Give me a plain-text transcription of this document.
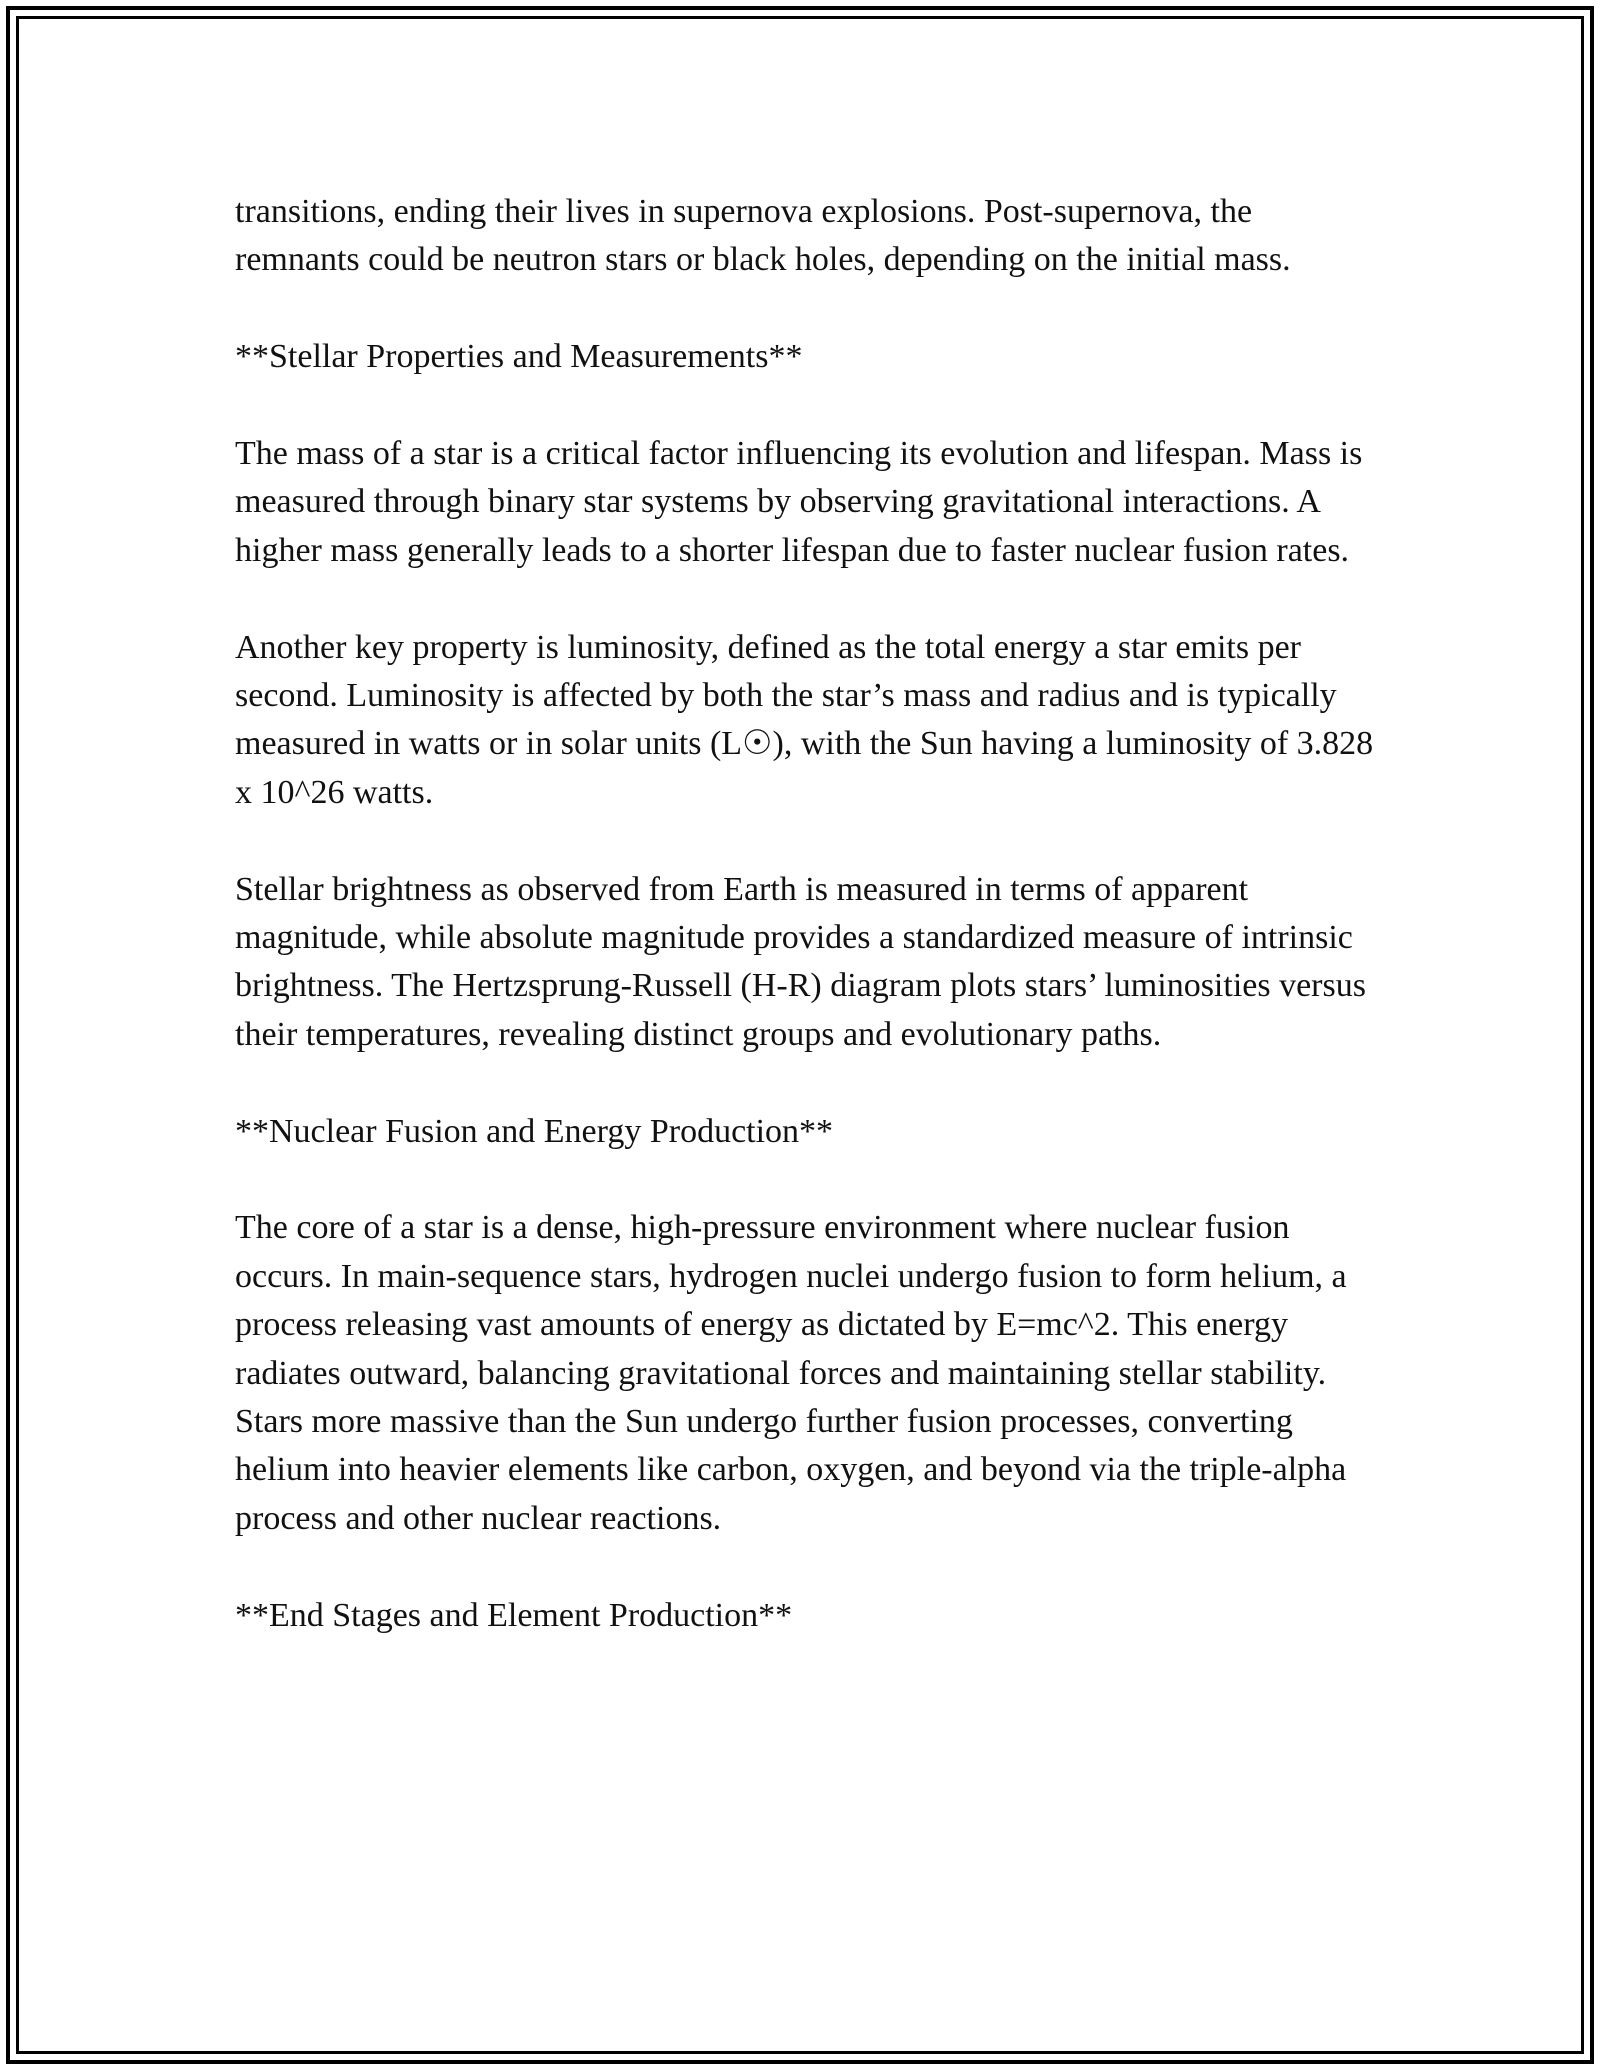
transitions, ending their lives in supernova explosions. Post-supernova, the remnants could be neutron stars or black holes, depending on the initial mass.

**Stellar Properties and Measurements**

The mass of a star is a critical factor influencing its evolution and lifespan. Mass is measured through binary star systems by observing gravitational interactions. A higher mass generally leads to a shorter lifespan due to faster nuclear fusion rates.

Another key property is luminosity, defined as the total energy a star emits per second. Luminosity is affected by both the star’s mass and radius and is typically measured in watts or in solar units (L☉), with the Sun having a luminosity of 3.828 x 10^26 watts.

Stellar brightness as observed from Earth is measured in terms of apparent magnitude, while absolute magnitude provides a standardized measure of intrinsic brightness. The Hertzsprung-Russell (H-R) diagram plots stars’ luminosities versus their temperatures, revealing distinct groups and evolutionary paths.

**Nuclear Fusion and Energy Production**

The core of a star is a dense, high-pressure environment where nuclear fusion occurs. In main-sequence stars, hydrogen nuclei undergo fusion to form helium, a process releasing vast amounts of energy as dictated by E=mc^2. This energy radiates outward, balancing gravitational forces and maintaining stellar stability. Stars more massive than the Sun undergo further fusion processes, converting helium into heavier elements like carbon, oxygen, and beyond via the triple-alpha process and other nuclear reactions.

**End Stages and Element Production**
